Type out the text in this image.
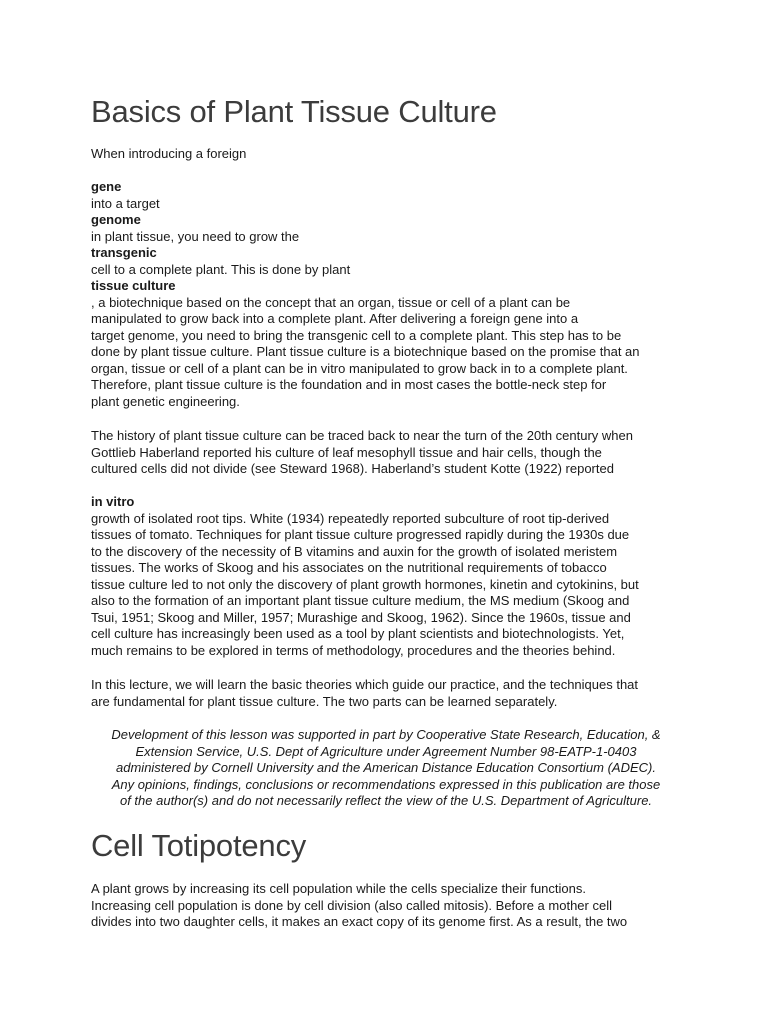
Basics of Plant Tissue Culture
When introducing a foreign
gene
into a target
genome
in plant tissue, you need to grow the
transgenic
cell to a complete plant. This is done by plant
tissue culture
, a biotechnique based on the concept that an organ, tissue or cell of a plant can be
manipulated to grow back into a complete plant. After delivering a foreign gene into a
target genome, you need to bring the transgenic cell to a complete plant. This step has to be
done by plant tissue culture. Plant tissue culture is a biotechnique based on the promise that an
organ, tissue or cell of a plant can be in vitro manipulated to grow back in to a complete plant.
Therefore, plant tissue culture is the foundation and in most cases the bottle-neck step for
plant genetic engineering.
The history of plant tissue culture can be traced back to near the turn of the 20th century when
Gottlieb Haberland reported his culture of leaf mesophyll tissue and hair cells, though the
cultured cells did not divide (see Steward 1968). Haberland’s student Kotte (1922) reported
in vitro
growth of isolated root tips. White (1934) repeatedly reported subculture of root tip-derived
tissues of tomato. Techniques for plant tissue culture progressed rapidly during the 1930s due
to the discovery of the necessity of B vitamins and auxin for the growth of isolated meristem
tissues. The works of Skoog and his associates on the nutritional requirements of tobacco
tissue culture led to not only the discovery of plant growth hormones, kinetin and cytokinins, but
also to the formation of an important plant tissue culture medium, the MS medium (Skoog and
Tsui, 1951; Skoog and Miller, 1957; Murashige and Skoog, 1962). Since the 1960s, tissue and
cell culture has increasingly been used as a tool by plant scientists and biotechnologists. Yet,
much remains to be explored in terms of methodology, procedures and the theories behind.
In this lecture, we will learn the basic theories which guide our practice, and the techniques that
are fundamental for plant tissue culture. The two parts can be learned separately.
Development of this lesson was supported in part by Cooperative State Research, Education, &
Extension Service, U.S. Dept of Agriculture under Agreement Number 98-EATP-1-0403
administered by Cornell University and the American Distance Education Consortium (ADEC).
Any opinions, findings, conclusions or recommendations expressed in this publication are those
of the author(s) and do not necessarily reflect the view of the U.S. Department of Agriculture.
Cell Totipotency
A plant grows by increasing its cell population while the cells specialize their functions.
Increasing cell population is done by cell division (also called mitosis). Before a mother cell
divides into two daughter cells, it makes an exact copy of its genome first. As a result, the two
